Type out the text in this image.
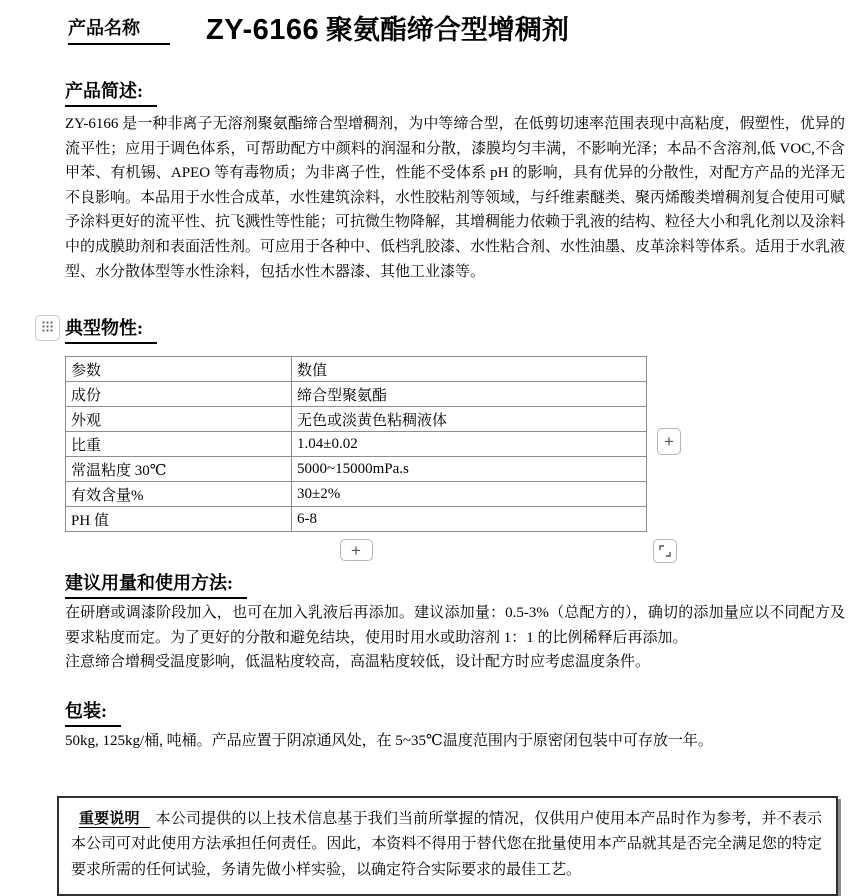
产品名称	ZY-6166 聚氨酯缔合型增稠剂
产品简述:

ZY-6166 是一种非离子无溶剂聚氨酯缔合型增稠剂，为中等缔合型，在低剪切速率范围表现中高粘度，假塑性，优异的流平性；应用于调色体系，可帮助配方中颜料的润湿和分散，漆膜均匀丰满，不影响光泽；本品不含溶剂,低 VOC,不含甲苯、有机锡、APEO 等有毒物质；为非离子性，性能不受体系 pH 的影响，具有优异的分散性，对配方产品的光泽无不良影响。本品用于水性合成革，水性建筑涂料，水性胶粘剂等领域，与纤维素醚类、聚丙烯酸类增稠剂复合使用可赋予涂料更好的流平性、抗飞溅性等性能；可抗微生物降解，其增稠能力依赖于乳液的结构、粒径大小和乳化剂以及涂料中的成膜助剂和表面活性剂。可应用于各种中、低档乳胶漆、水性粘合剂、水性油墨、皮革涂料等体系。适用于水乳液型、水分散体型等水性涂料，包括水性木器漆、其他工业漆等。

典型物性:
参数	数值
成份	缔合型聚氨酯
外观	无色或淡黄色粘稠液体
比重	1.04±0.02
常温粘度 30℃	5000~15000mPa.s
有效含量%	30±2%
PH 值	6-8
+
+
建议用量和使用方法:

在研磨或调漆阶段加入，也可在加入乳液后再添加。建议添加量：0.5-3%（总配方的），确切的添加量应以不同配方及要求粘度而定。为了更好的分散和避免结块，使用时用水或助溶剂 1：1 的比例稀释后再添加。

注意缔合增稠受温度影响，低温粘度较高，高温粘度较低，设计配方时应考虑温度条件。

包装:

50kg, 125kg/桶, 吨桶。产品应置于阴凉通风处，在 5~35℃温度范围内于原密闭包装中可存放一年。

重要说明 本公司提供的以上技术信息基于我们当前所掌握的情况，仅供用户使用本产品时作为参考，并不表示本公司可对此使用方法承担任何责任。因此，本资料不得用于替代您在批量使用本产品就其是否完全满足您的特定要求所需的任何试验，务请先做小样实验，以确定符合实际要求的最佳工艺。
